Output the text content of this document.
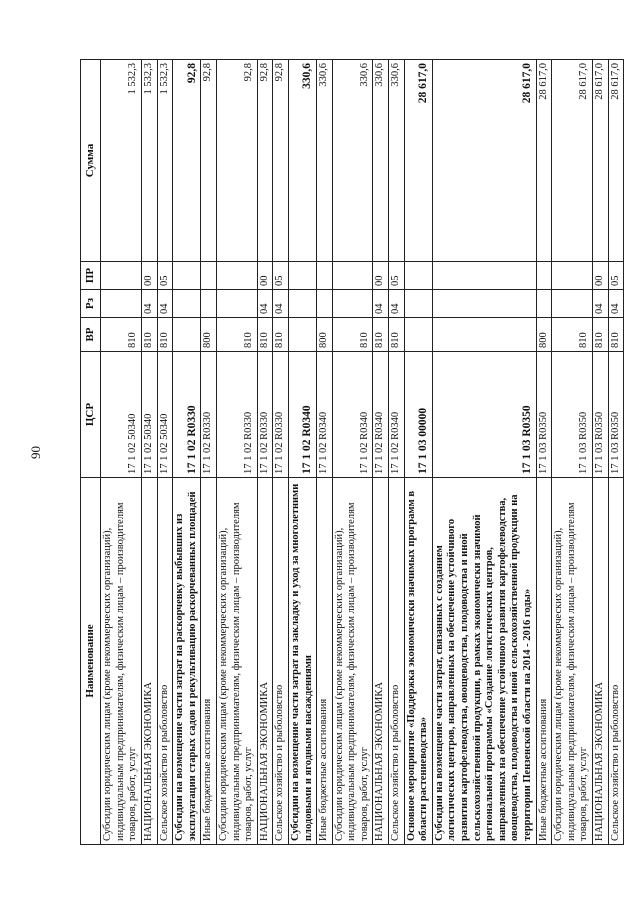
90
Наименование	ЦСР	ВР	Рз	ПР	Сумма
Субсидии юридическим лицам (кроме некоммерческих организаций), индивидуальным предпринимателям, физическим лицам – производителям товаров, работ, услуг	17 1 02 50340	810			1 532,3
НАЦИОНАЛЬНАЯ ЭКОНОМИКА	17 1 02 50340	810	04	00	1 532,3
Сельское хозяйство и рыболовство	17 1 02 50340	810	04	05	1 532,3
Субсидии на возмещение части затрат на раскорчевку выбывших из эксплуатации старых садов и рекультивацию раскорчеванных площадей	17 1 02 R0330				92,8
Иные бюджетные ассигнования	17 1 02 R0330	800			92,8
Субсидии юридическим лицам (кроме некоммерческих организаций), индивидуальным предпринимателям, физическим лицам – производителям товаров, работ, услуг	17 1 02 R0330	810			92,8
НАЦИОНАЛЬНАЯ ЭКОНОМИКА	17 1 02 R0330	810	04	00	92,8
Сельское хозяйство и рыболовство	17 1 02 R0330	810	04	05	92,8
Субсидии на возмещение части затрат на закладку и уход за многолетними плодовыми и ягодными насаждениями	17 1 02 R0340				330,6
Иные бюджетные ассигнования	17 1 02 R0340	800			330,6
Субсидии юридическим лицам (кроме некоммерческих организаций), индивидуальным предпринимателям, физическим лицам – производителям товаров, работ, услуг	17 1 02 R0340	810			330,6
НАЦИОНАЛЬНАЯ ЭКОНОМИКА	17 1 02 R0340	810	04	00	330,6
Сельское хозяйство и рыболовство	17 1 02 R0340	810	04	05	330,6
Основное мероприятие «Поддержка экономически значимых программ в области растениеводства»	17 1 03 00000				28 617,0
Субсидии на возмещение части затрат, связанных с созданием логистических центров, направленных на обеспечение устойчивого развития картофелеводства, овощеводства, плодоводства и иной сельскохозяйственной продукции, в рамках экономически значимой региональной программы «Создание логистических центров, направленных на обеспечение устойчивого развития картофелеводства, овощеводства, плодоводства и иной сельскохозяйственной продукции на территории Пензенской области на 2014 - 2016 годы»	17 1 03 R0350				28 617,0
Иные бюджетные ассигнования	17 1 03 R0350	800			28 617,0
Субсидии юридическим лицам (кроме некоммерческих организаций), индивидуальным предпринимателям, физическим лицам – производителям товаров, работ, услуг	17 1 03 R0350	810			28 617,0
НАЦИОНАЛЬНАЯ ЭКОНОМИКА	17 1 03 R0350	810	04	00	28 617,0
Сельское хозяйство и рыболовство	17 1 03 R0350	810	04	05	28 617,0
